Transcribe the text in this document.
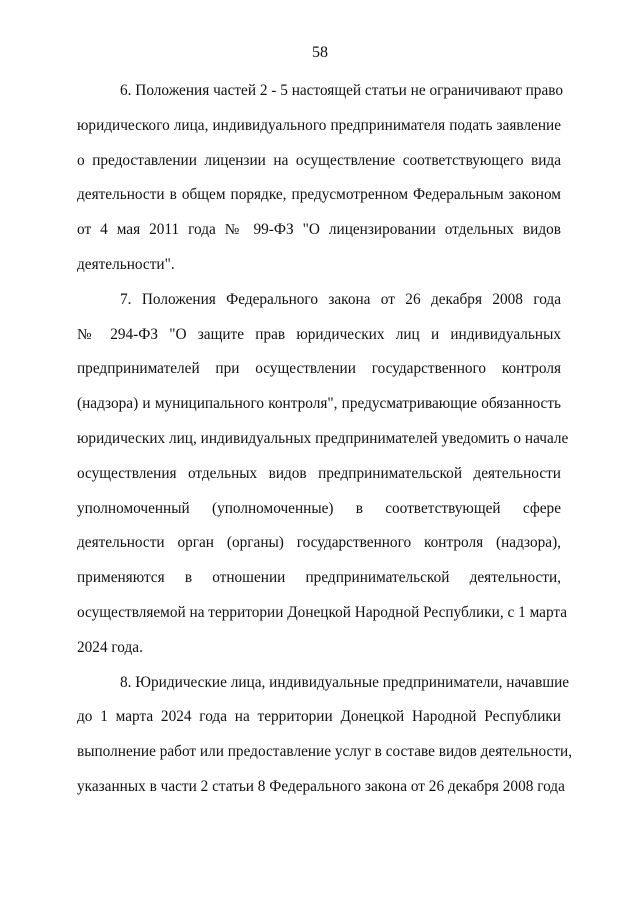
58
6. Положения частей 2 - 5 настоящей статьи не ограничивают право
юридического лица, индивидуального предпринимателя подать заявление
о предоставлении лицензии на осуществление соответствующего вида
деятельности в общем порядке, предусмотренном Федеральным законом
от 4 мая 2011 года № 99-ФЗ "О лицензировании отдельных видов
деятельности".
7. Положения Федерального закона от 26 декабря 2008 года
№ 294-ФЗ "О защите прав юридических лиц и индивидуальных
предпринимателей при осуществлении государственного контроля
(надзора) и муниципального контроля", предусматривающие обязанность
юридических лиц, индивидуальных предпринимателей уведомить о начале
осуществления отдельных видов предпринимательской деятельности
уполномоченный (уполномоченные) в соответствующей сфере
деятельности орган (органы) государственного контроля (надзора),
применяются в отношении предпринимательской деятельности,
осуществляемой на территории Донецкой Народной Республики, с 1 марта
2024 года.
8. Юридические лица, индивидуальные предприниматели, начавшие
до 1 марта 2024 года на территории Донецкой Народной Республики
выполнение работ или предоставление услуг в составе видов деятельности,
указанных в части 2 статьи 8 Федерального закона от 26 декабря 2008 года
